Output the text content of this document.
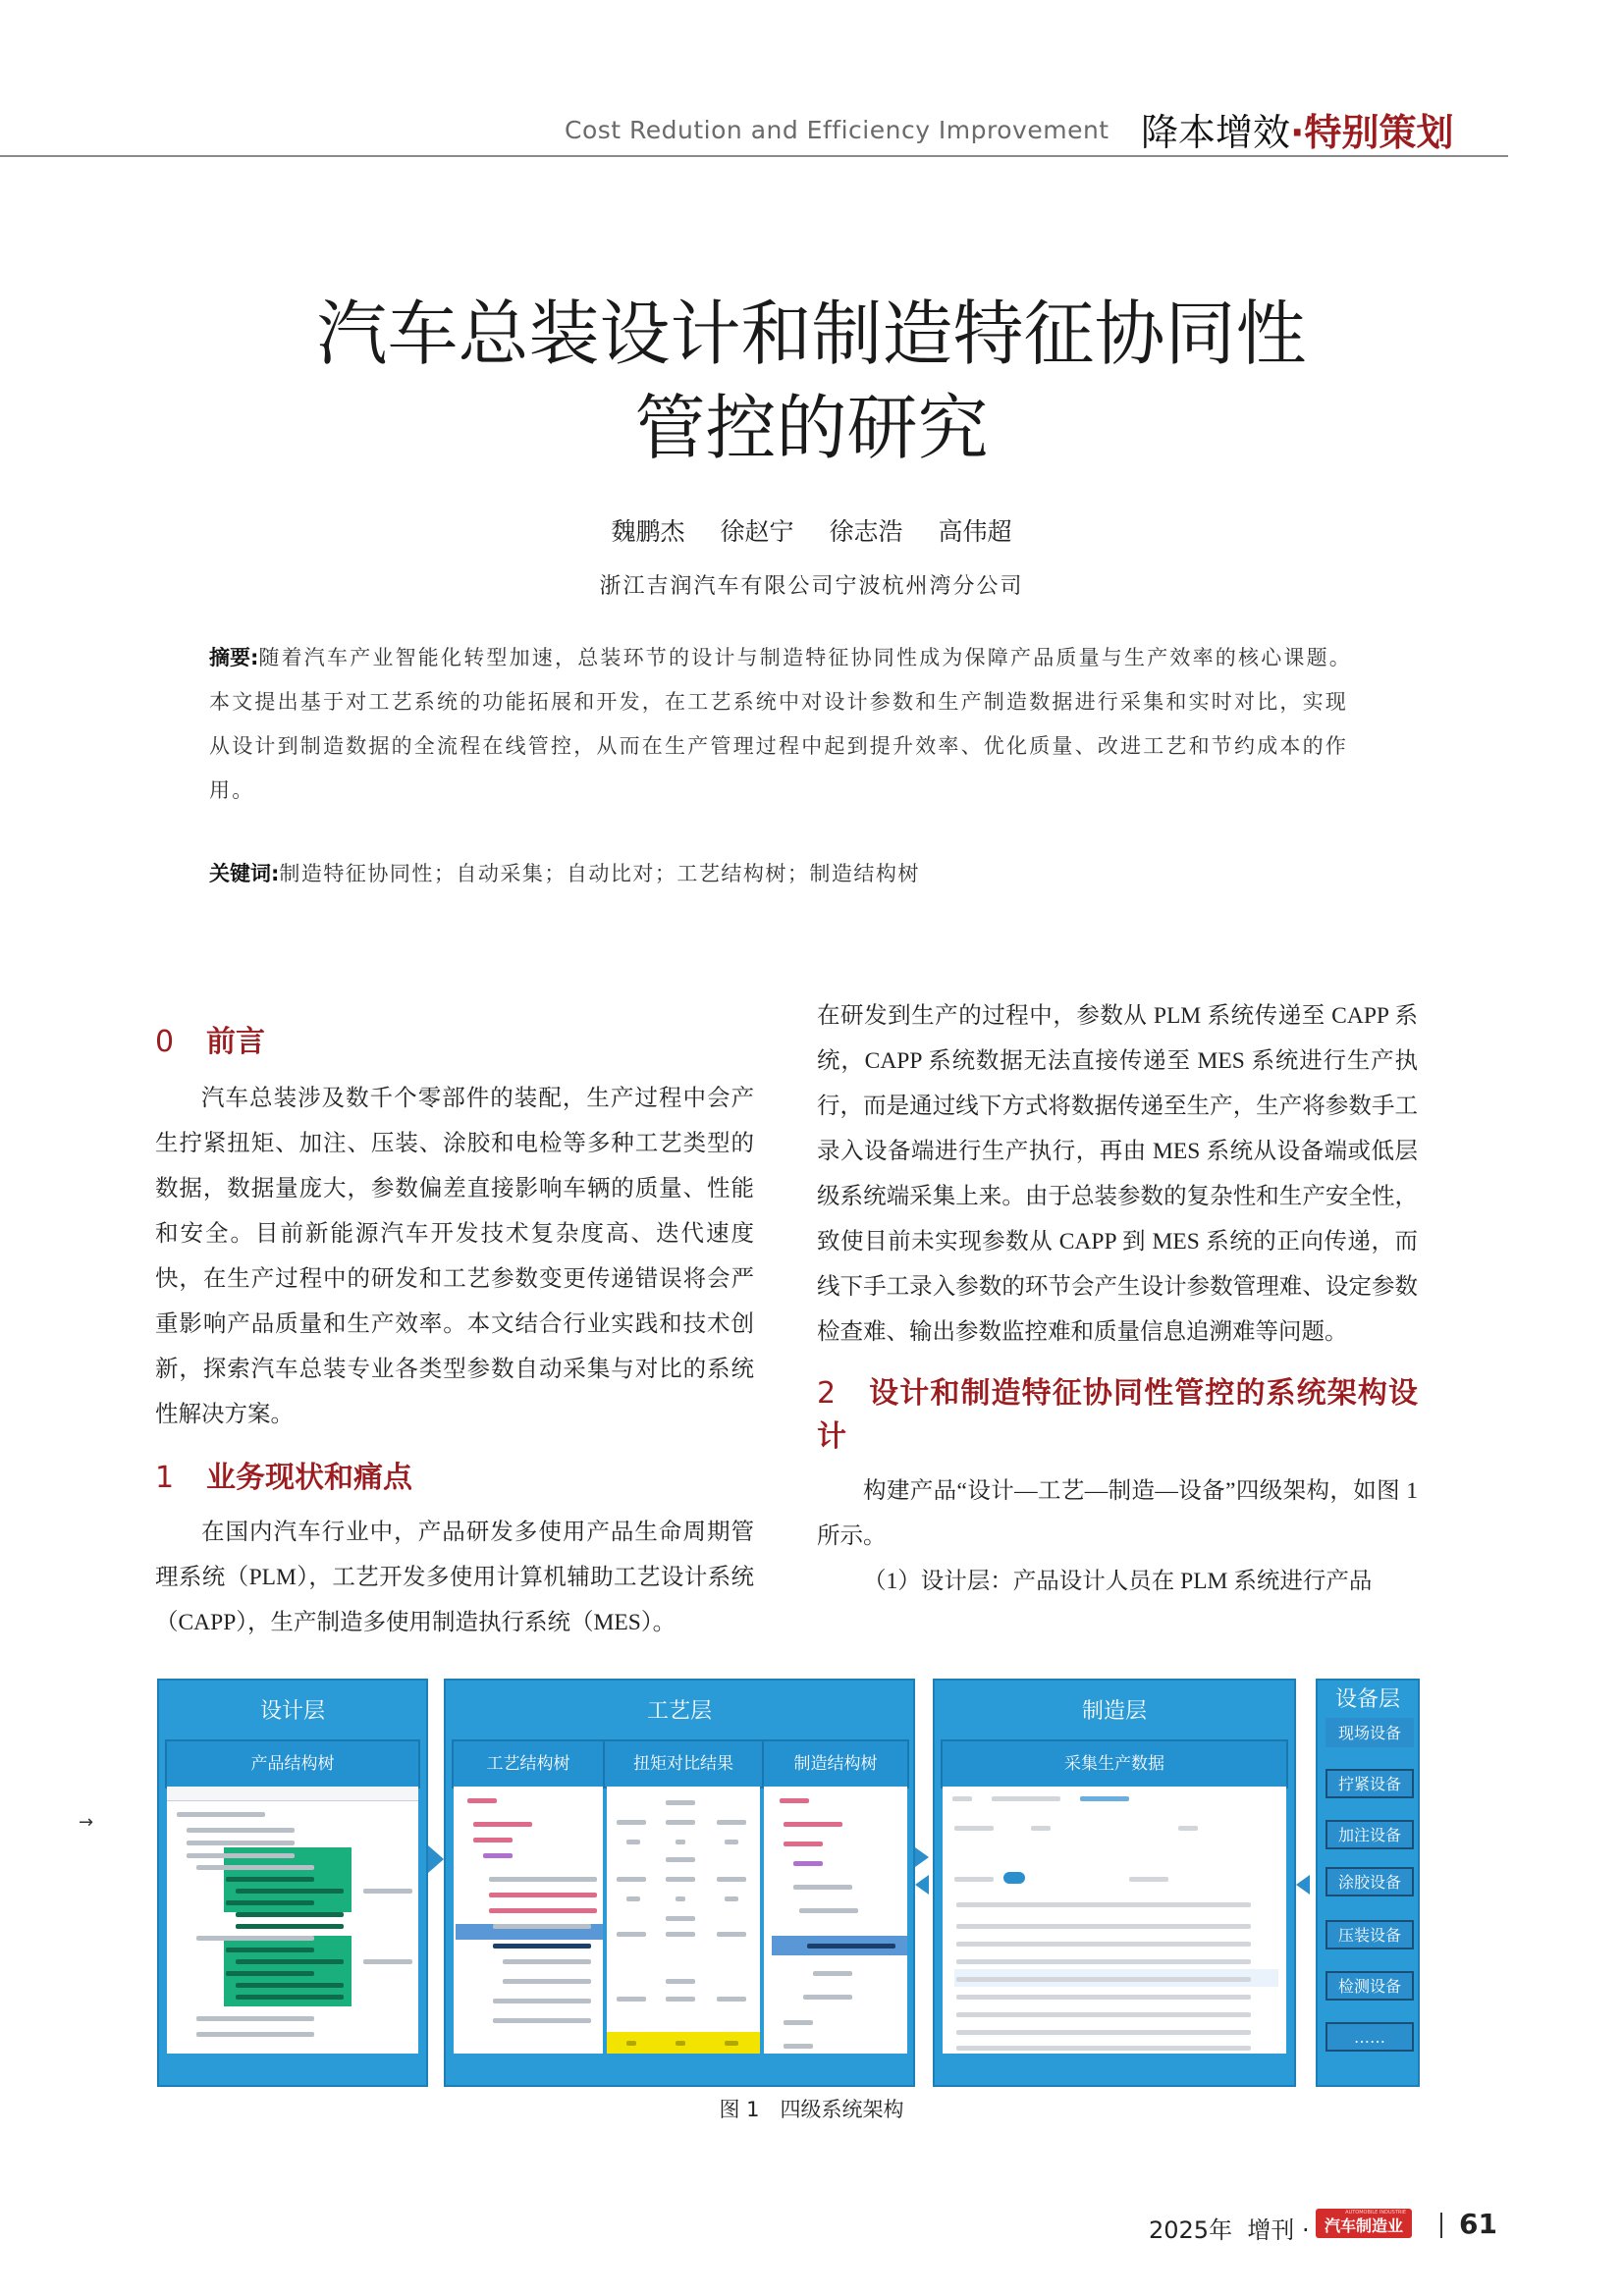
Cost Redution and Efficiency Improvement 降本增效·特别策划
汽车总装设计和制造特征协同性
管控的研究
魏鹏杰 徐赵宁 徐志浩 高伟超
浙江吉润汽车有限公司宁波杭州湾分公司
摘要:随着汽车产业智能化转型加速，总装环节的设计与制造特征协同性成为保障产品质量与生产效率的核心课题。本文提出基于对工艺系统的功能拓展和开发，在工艺系统中对设计参数和生产制造数据进行采集和实时对比，实现从设计到制造数据的全流程在线管控，从而在生产管理过程中起到提升效率、优化质量、改进工艺和节约成本的作用。
关键词:制造特征协同性；自动采集；自动比对；工艺结构树；制造结构树
0 前言

汽车总装涉及数千个零部件的装配，生产过程中会产生拧紧扭矩、加注、压装、涂胶和电检等多种工艺类型的数据，数据量庞大，参数偏差直接影响车辆的质量、性能和安全。目前新能源汽车开发技术复杂度高、迭代速度快，在生产过程中的研发和工艺参数变更传递错误将会严重影响产品质量和生产效率。本文结合行业实践和技术创新，探索汽车总装专业各类型参数自动采集与对比的系统性解决方案。

1 业务现状和痛点

在国内汽车行业中，产品研发多使用产品生命周期管理系统（PLM），工艺开发多使用计算机辅助工艺设计系统（CAPP），生产制造多使用制造执行系统（MES）。

在研发到生产的过程中，参数从 PLM 系统传递至 CAPP 系统，CAPP 系统数据无法直接传递至 MES 系统进行生产执行，而是通过线下方式将数据传递至生产，生产将参数手工录入设备端进行生产执行，再由 MES 系统从设备端或低层级系统端采集上来。由于总装参数的复杂性和生产安全性，致使目前未实现参数从 CAPP 到 MES 系统的正向传递，而线下手工录入参数的环节会产生设计参数管理难、设定参数检查难、输出参数监控难和质量信息追溯难等问题。

2 设计和制造特征协同性管控的系统架构设计

构建产品“设计—工艺—制造—设备”四级架构，如图 1 所示。

（1）设计层：产品设计人员在 PLM 系统进行产品

→
设计层
产品结构树
工艺层
工艺结构树	扭矩对比结果	制造结构树
制造层
采集生产数据
设备层
现场设备
拧紧设备
加注设备
涂胶设备
压装设备
检测设备
……
图 1　四级系统架构
2025年 增刊 ·
AUTOMOBILE INDUSTRIE
汽车制造业	61
